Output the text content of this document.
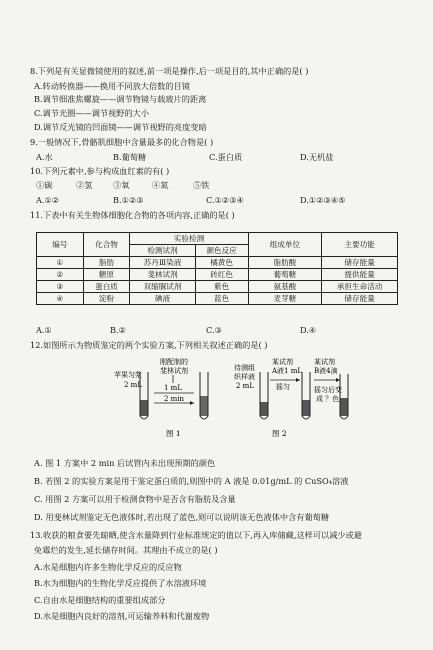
8.下列是有关显微镜使用的叙述,前一项是操作,后一项是目的,其中正确的是( )
A.转动转换器——换用不同放大倍数的目镜
B.调节细准焦螺旋——调节物镜与载玻片的距离
C.调节光圈——调节视野的大小
D.调节反光镜的凹面镜——调节视野的亮度变暗
9.一般情况下,骨骼肌细胞中含量最多的化合物是( )
A.水	B.葡萄糖	C.蛋白质	D.无机盐
10.下列元素中,参与构成血红素的有( )
①碳	②氢	③氧	④氮	⑤铁
A.①②	B.①②③	C.①②③④	D.①②③④⑤
11.下表中有关生物体细胞化合物的各项内容,正确的是( )
编号	化合物	实验检测		组成单位	主要功能
		检测试剂	颜色反应		
①	脂肪	苏丹Ⅲ染液	橘黄色	脂肪酸	储存能量
②	糖原	斐林试剂	砖红色	葡萄糖	提供能量
③	蛋白质	双缩脲试剂	紫色	氨基酸	承担生命活动
④	淀粉	碘液	蓝色	麦芽糖	储存能量
A.①	B.②	C.③	D.④
12.如图所示为物质鉴定的两个实验方案,下列相关叙述正确的是( )
苹果匀浆
2 mL
刚配制的
斐林试剂
1 mL
2 min
图 1
待测组
织样液
2 mL
某试剂
A液1 mL
摇匀
某试剂
B液4滴
摇匀后变
成 ？色
图 2
A. 图 1 方案中 2 min 后试管内未出现预期的颜色
B. 若图 2 的实验方案是用于鉴定蛋白质的,则图中的 A 液是 0.01g/mL 的 CuSO₄溶液
C. 用图 2 方案可以用于检测食物中是否含有脂肪及含量
D. 用斐林试剂鉴定无色液体时,若出现了蓝色,则可以说明该无色液体中含有葡萄糖
13.收获的粮食要先晾晒,使含水量降到行业标准规定的值以下,再入库储藏,这样可以减少或避
免霉烂的发生,延长储存时间。其理由不成立的是( )
A.水是细胞内许多生物化学反应的反应物
B.水为细胞内的生物化学反应提供了水溶液环境
C.自由水是细胞结构的重要组成部分
D.水是细胞内良好的溶剂,可运输养料和代谢废物
